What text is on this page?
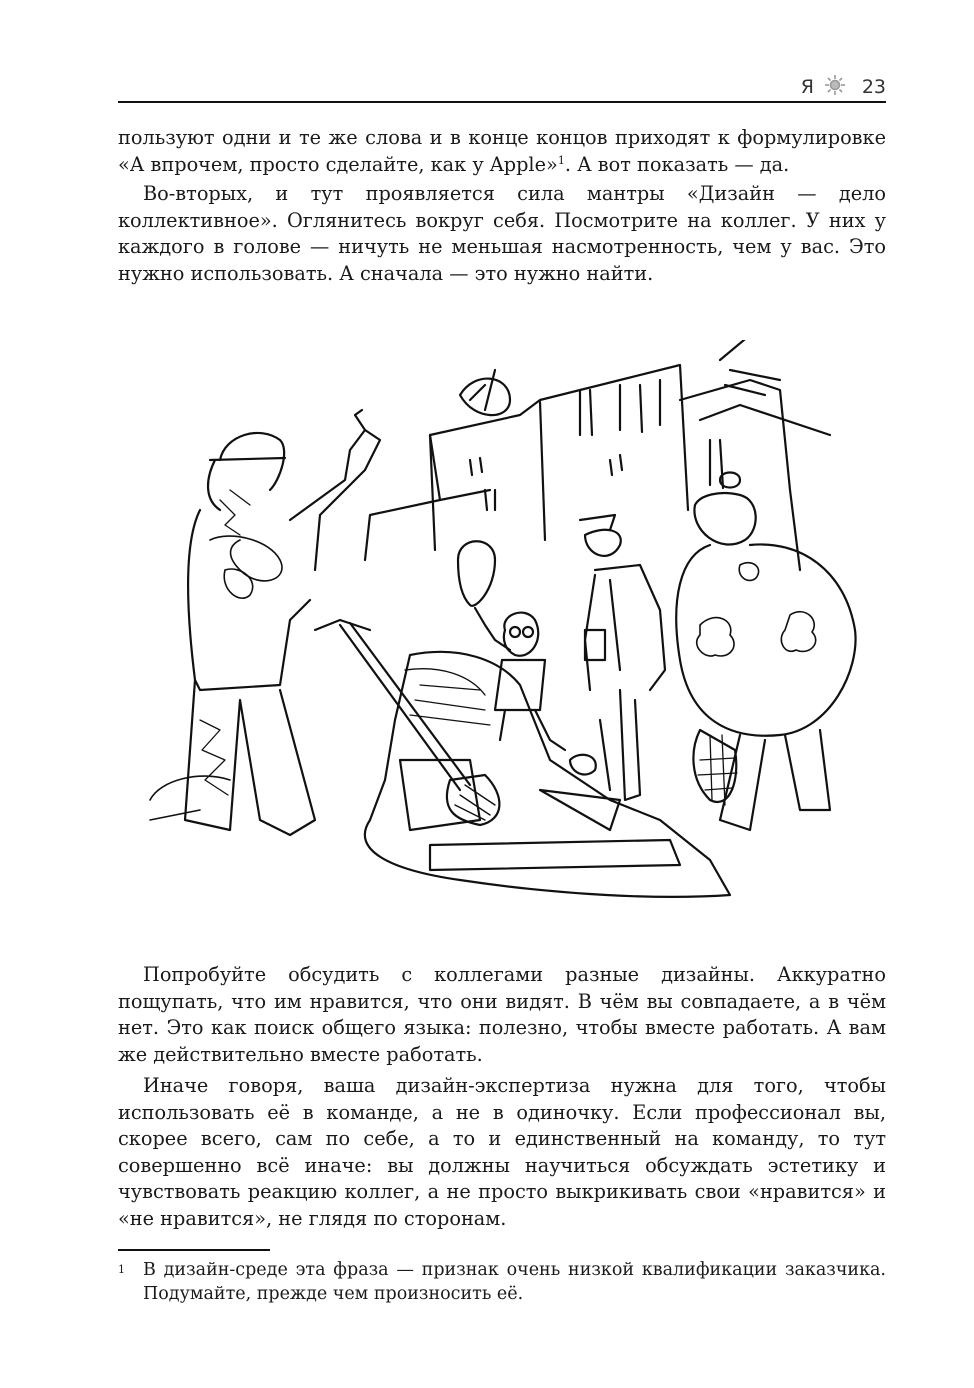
Я	23

пользуют одни и те же слова и в конце концов приходят к формулировке «А впрочем, просто сделайте, как у Apple»$^1$. А вот показать — да.

Во-вторых, и тут проявляется сила мантры «Дизайн — дело коллективное». Оглянитесь вокруг себя. Посмотрите на коллег. У них у каждого в голове — ничуть не меньшая насмотренность, чем у вас. Это нужно использовать. А сначала — это нужно найти.

Попробуйте обсудить с коллегами разные дизайны. Аккуратно пощупать, что им нравится, что они видят. В чём вы совпадаете, а в чём нет. Это как поиск общего языка: полезно, чтобы вместе работать. А вам же действительно вместе работать.

Иначе говоря, ваша дизайн-экспертиза нужна для того, чтобы использовать её в команде, а не в одиночку. Если профессионал вы, скорее всего, сам по себе, а то и единственный на команду, то тут совершенно всё иначе: вы должны научиться обсуждать эстетику и чувствовать реакцию коллег, а не просто выкрикивать свои «нравится» и «не нравится», не глядя по сторонам.

1 В дизайн-среде эта фраза — признак очень низкой квалификации заказчика. Подумайте, прежде чем произносить её.
